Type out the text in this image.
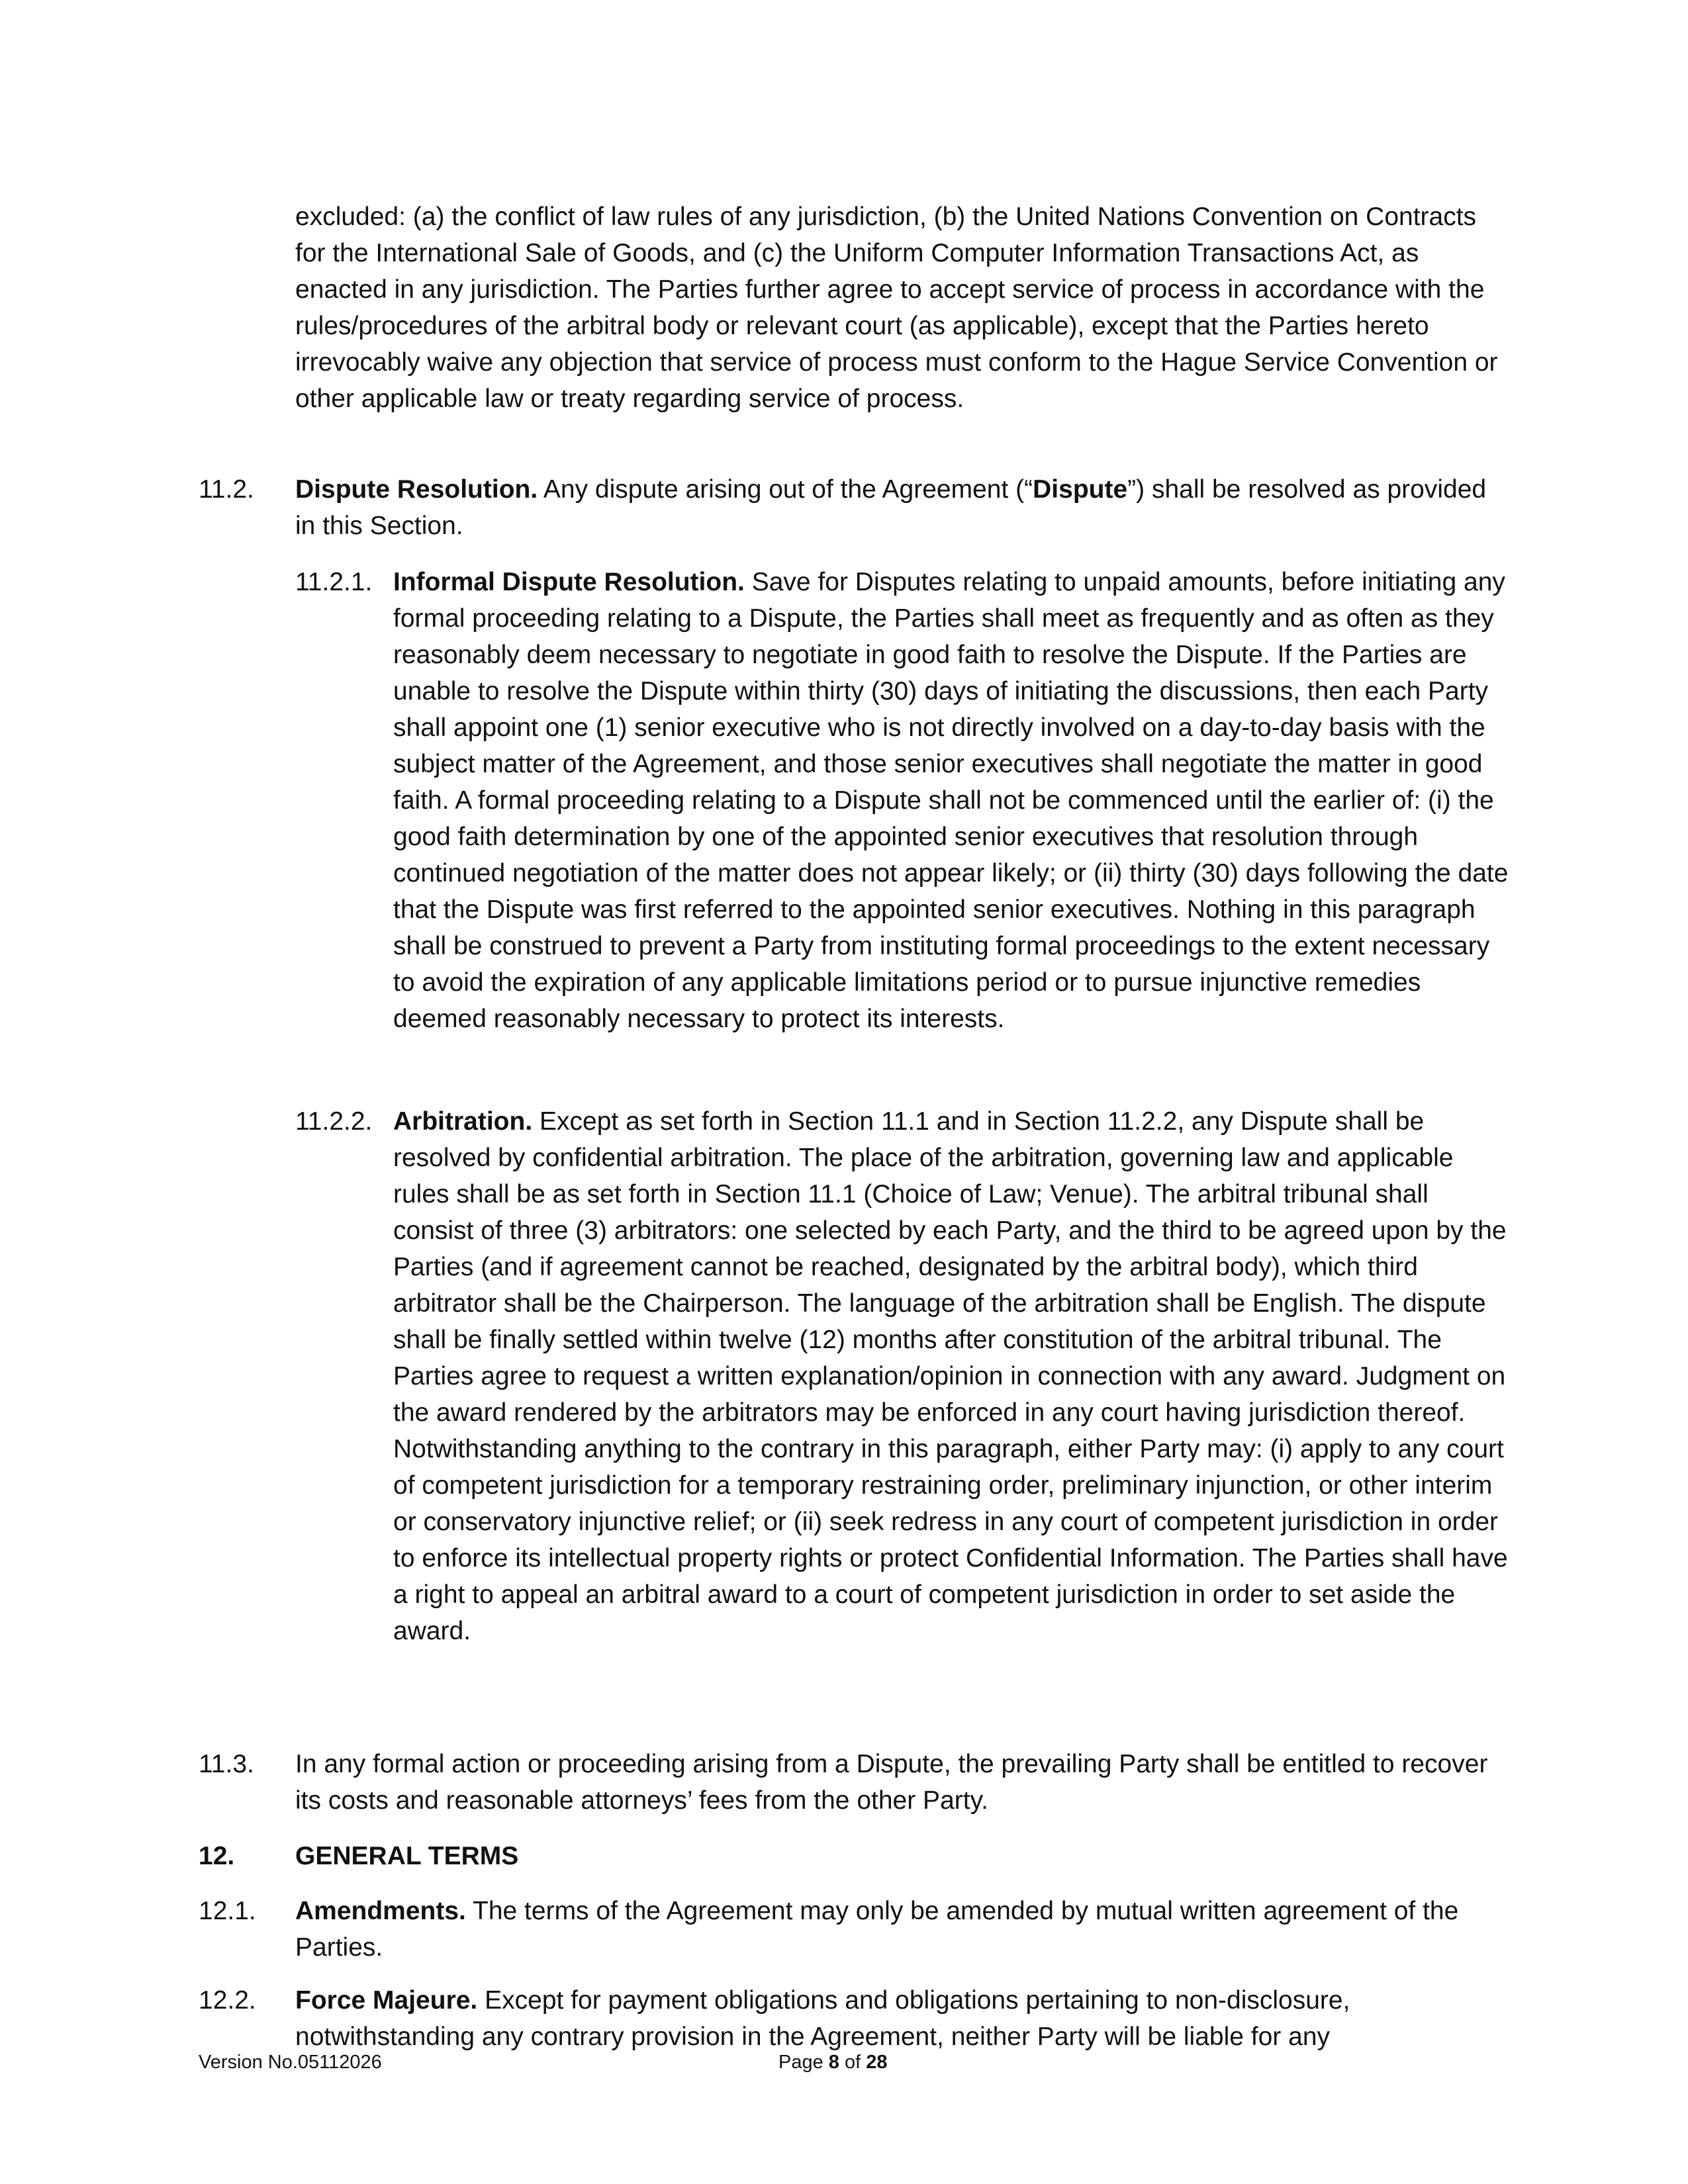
excluded: (a) the conflict of law rules of any jurisdiction, (b) the United Nations Convention on Contracts for the International Sale of Goods, and (c) the Uniform Computer Information Transactions Act, as enacted in any jurisdiction. The Parties further agree to accept service of process in accordance with the rules/procedures of the arbitral body or relevant court (as applicable), except that the Parties hereto irrevocably waive any objection that service of process must conform to the Hague Service Convention or other applicable law or treaty regarding service of process.

11.2. Dispute Resolution. Any dispute arising out of the Agreement (“Dispute”) shall be resolved as provided in this Section.

11.2.1. Informal Dispute Resolution. Save for Disputes relating to unpaid amounts, before initiating any formal proceeding relating to a Dispute, the Parties shall meet as frequently and as often as they reasonably deem necessary to negotiate in good faith to resolve the Dispute. If the Parties are unable to resolve the Dispute within thirty (30) days of initiating the discussions, then each Party shall appoint one (1) senior executive who is not directly involved on a day-to-day basis with the subject matter of the Agreement, and those senior executives shall negotiate the matter in good faith. A formal proceeding relating to a Dispute shall not be commenced until the earlier of: (i) the good faith determination by one of the appointed senior executives that resolution through continued negotiation of the matter does not appear likely; or (ii) thirty (30) days following the date that the Dispute was first referred to the appointed senior executives. Nothing in this paragraph shall be construed to prevent a Party from instituting formal proceedings to the extent necessary to avoid the expiration of any applicable limitations period or to pursue injunctive remedies deemed reasonably necessary to protect its interests.

11.2.2. Arbitration. Except as set forth in Section 11.1 and in Section 11.2.2, any Dispute shall be resolved by confidential arbitration. The place of the arbitration, governing law and applicable rules shall be as set forth in Section 11.1 (Choice of Law; Venue). The arbitral tribunal shall consist of three (3) arbitrators: one selected by each Party, and the third to be agreed upon by the Parties (and if agreement cannot be reached, designated by the arbitral body), which third arbitrator shall be the Chairperson. The language of the arbitration shall be English. The dispute shall be finally settled within twelve (12) months after constitution of the arbitral tribunal. The Parties agree to request a written explanation/opinion in connection with any award. Judgment on the award rendered by the arbitrators may be enforced in any court having jurisdiction thereof. Notwithstanding anything to the contrary in this paragraph, either Party may: (i) apply to any court of competent jurisdiction for a temporary restraining order, preliminary injunction, or other interim or conservatory injunctive relief; or (ii) seek redress in any court of competent jurisdiction in order to enforce its intellectual property rights or protect Confidential Information. The Parties shall have a right to appeal an arbitral award to a court of competent jurisdiction in order to set aside the award.

11.3. In any formal action or proceeding arising from a Dispute, the prevailing Party shall be entitled to recover its costs and reasonable attorneys’ fees from the other Party.

12. GENERAL TERMS
12.1. Amendments. The terms of the Agreement may only be amended by mutual written agreement of the Parties.

12.2. Force Majeure. Except for payment obligations and obligations pertaining to non-disclosure, notwithstanding any contrary provision in the Agreement, neither Party will be liable for any

Version No.05112026	Page 8 of 28
